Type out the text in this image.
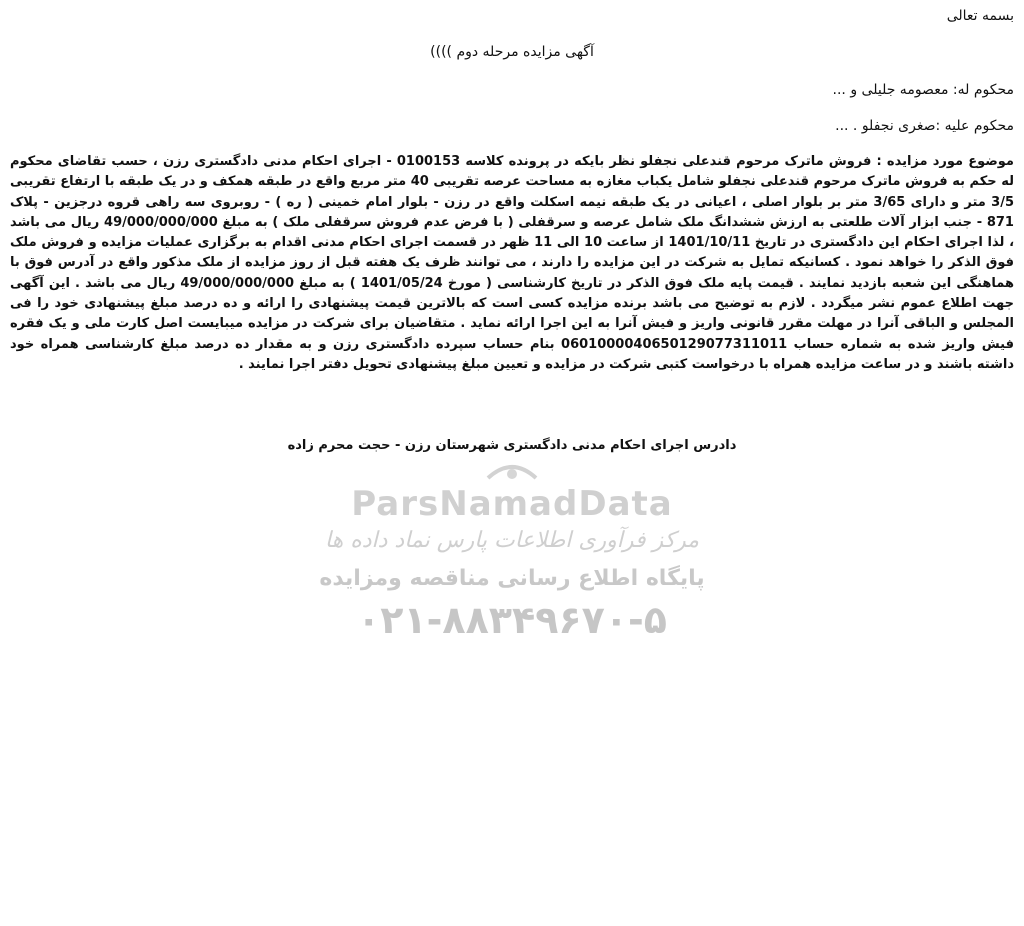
بسمه تعالی
آگهی مزایده مرحله دوم ))))
محکوم له: معصومه جلیلی و ...
محکوم علیه :صغری نجفلو . ...
موضوع مورد مزایده : فروش ماترک مرحوم قندعلی نجفلو نظر بایکه در پرونده کلاسه 0100153 - اجرای احکام مدنی دادگستری رزن ، حسب تقاضای محکوم له حکم به فروش ماترک مرحوم قندعلی نجفلو شامل یکباب مغازه به مساحت عرصه تقریبی 40 متر مربع واقع در طبقه همکف و در یک طبقه با ارتفاع تقریبی 3/5 متر و دارای 3/65 متر بر بلوار اصلی ، اعیانی در یک طبقه نیمه اسکلت واقع در رزن - بلوار امام خمینی ( ره ) - روبروی سه راهی قروه درجزین - پلاک 871 - جنب ابزار آلات طلعتی به ارزش ششدانگ ملک شامل عرصه و سرقفلی ( با فرض عدم فروش سرقفلی ملک ) به مبلغ 49/000/000/000 ریال می باشد ، لذا اجرای احکام این دادگستری در تاریخ 1401/10/11 از ساعت 10 الی 11 ظهر در قسمت اجرای احکام مدنی اقدام به برگزاری عملیات مزایده و فروش ملک فوق الذکر را خواهد نمود . کسانیکه تمایل به شرکت در این مزایده را دارند ، می توانند ظرف یک هفته قبل از روز مزایده از ملک مذکور واقع در آدرس فوق با هماهنگی این شعبه بازدید نمایند . قیمت پایه ملک فوق الذکر در تاریخ کارشناسی ( مورخ 1401/05/24 ) به مبلغ 49/000/000/000 ریال می باشد . این آگهی جهت اطلاع عموم نشر میگردد . لازم به توضیح می باشد برنده مزایده کسی است که بالاترین قیمت پیشنهادی را ارائه و ده درصد مبلغ پیشنهادی خود را فی المجلس و الباقی آنرا در مهلت مقرر قانونی واریز و فیش آنرا به این اجرا ارائه نماید . متقاضیان برای شرکت در مزایده میبایست اصل کارت ملی و یک فقره فیش واریز شده به شماره حساب 0601000040650129077311011 بنام حساب سپرده دادگستری رزن و به مقدار ده درصد مبلغ کارشناسی همراه خود داشته باشند و در ساعت مزایده همراه با درخواست کتبی شرکت در مزایده و تعیین مبلغ پیشنهادی تحویل دفتر اجرا نمایند .
دادرس اجرای احکام مدنی دادگستری شهرستان رزن - حجت محرم زاده
ParsNamadData
مرکز فرآوری اطلاعات پارس نماد داده ها
پایگاه اطلاع رسانی مناقصه ومزایده
۰۲۱-۸۸۳۴۹۶۷۰-۵
